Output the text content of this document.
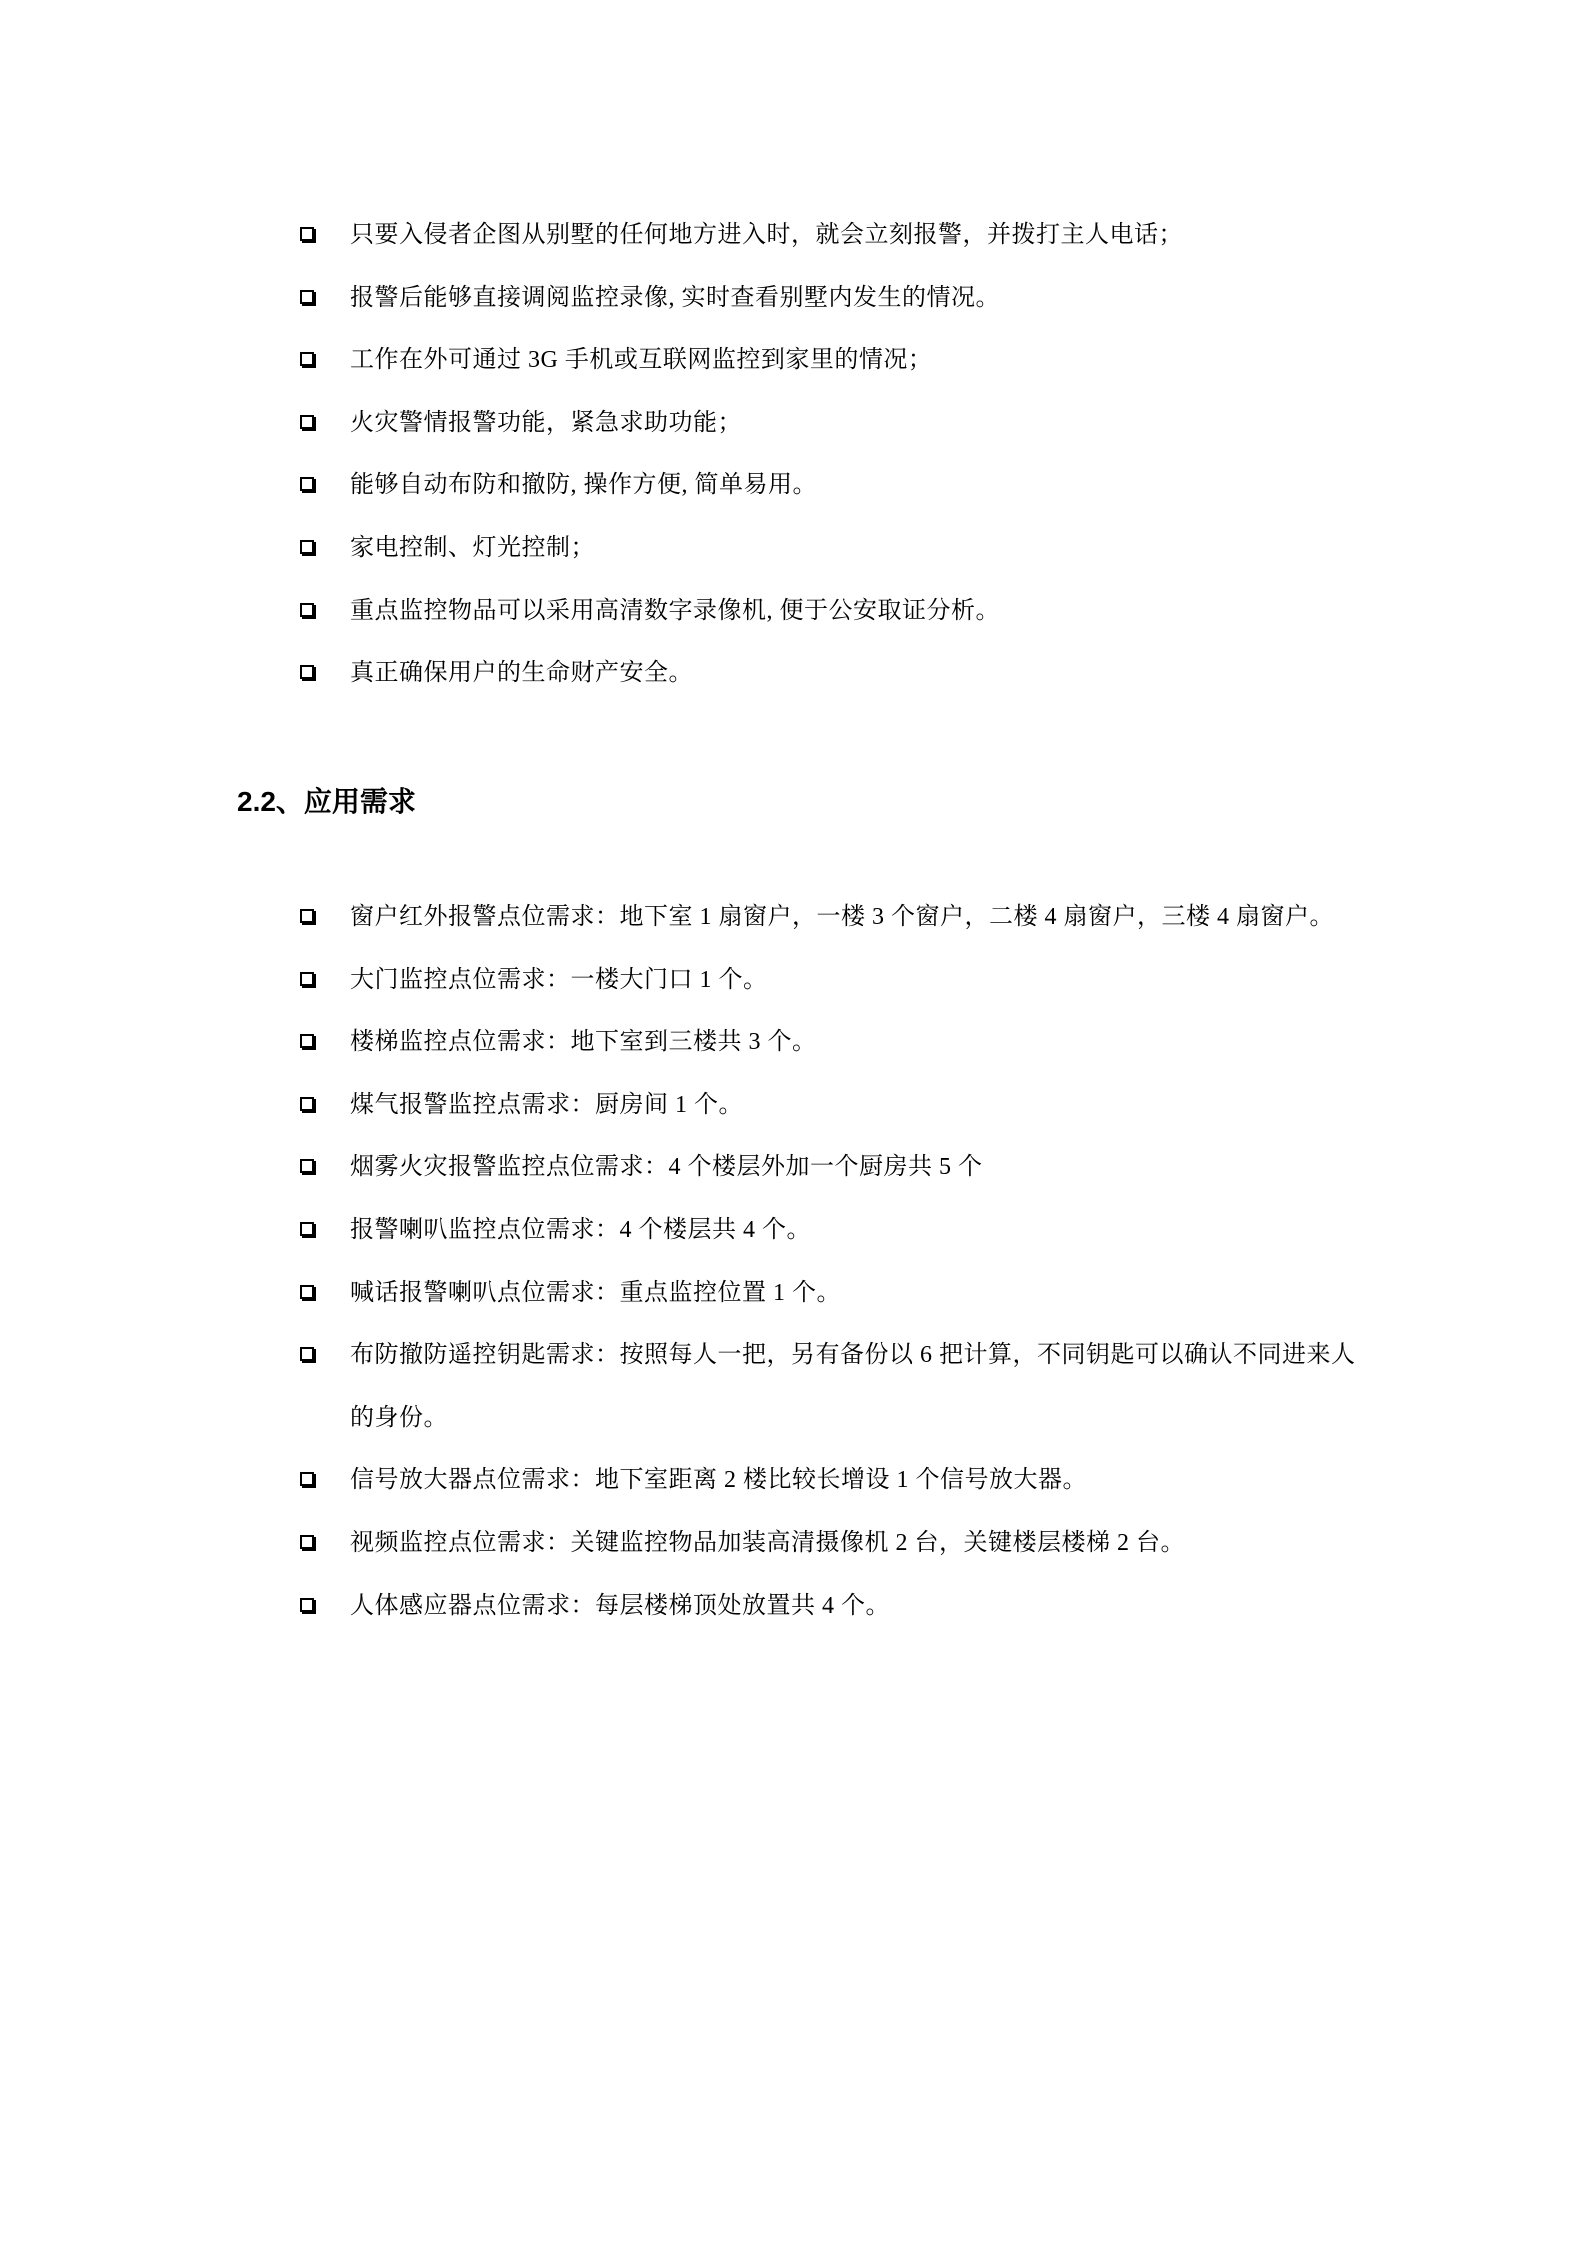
只要入侵者企图从别墅的任何地方进入时，就会立刻报警，并拨打主人电话；
报警后能够直接调阅监控录像, 实时查看别墅内发生的情况。
工作在外可通过 3G 手机或互联网监控到家里的情况；
火灾警情报警功能，紧急求助功能；
能够自动布防和撤防, 操作方便, 简单易用。
家电控制、灯光控制；
重点监控物品可以采用高清数字录像机, 便于公安取证分析。
真正确保用户的生命财产安全。
2.2、应用需求
窗户红外报警点位需求：地下室 1 扇窗户，一楼 3 个窗户，二楼 4 扇窗户，三楼 4 扇窗户。
大门监控点位需求：一楼大门口 1 个。
楼梯监控点位需求：地下室到三楼共 3 个。
煤气报警监控点需求：厨房间 1 个。
烟雾火灾报警监控点位需求：4 个楼层外加一个厨房共 5 个
报警喇叭监控点位需求：4 个楼层共 4 个。
喊话报警喇叭点位需求：重点监控位置 1 个。
布防撤防遥控钥匙需求：按照每人一把，另有备份以 6 把计算，不同钥匙可以确认不同进来人的身份。
信号放大器点位需求：地下室距离 2 楼比较长增设 1 个信号放大器。
视频监控点位需求：关键监控物品加装高清摄像机 2 台，关键楼层楼梯 2 台。
人体感应器点位需求：每层楼梯顶处放置共 4 个。
